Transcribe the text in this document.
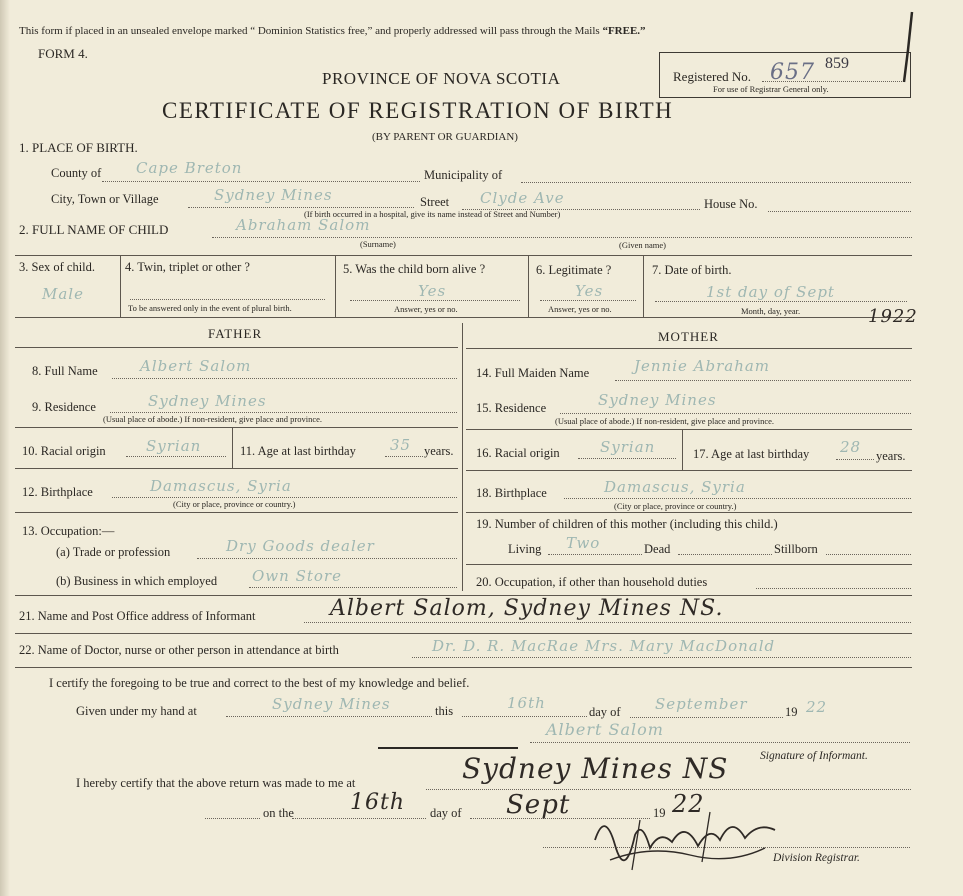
This form if placed in an unsealed envelope marked “ Dominion Statistics free,” and properly addressed will pass through the Mails “FREE.”
FORM 4.
PROVINCE OF NOVA SCOTIA
CERTIFICATE OF REGISTRATION OF BIRTH
(BY PARENT OR GUARDIAN)
Registered No. 657 859
For use of Registrar General only.
1. PLACE OF BIRTH.
County of Cape Breton	Municipality of
City, Town or Village	Sydney Mines	Street Clyde Ave	House No.
(If birth occurred in a hospital, give its name instead of Street and Number)
2. FULL NAME OF CHILD	Abraham Salom
(Surname)	(Given name)
3. Sex of child.
Male
4. Twin, triplet or other ?
To be answered only in the event of plural birth.
5. Was the child born alive ?
Yes
Answer, yes or no.
6. Legitimate ?
Yes
Answer, yes or no.
7. Date of birth.
1st day of Sept
Month, day, year.	1922
FATHER	MOTHER
8. Full Name	Albert Salom
9. Residence	Sydney Mines
(Usual place of abode.) If non-resident, give place and province.
10. Racial origin	Syrian	11. Age at last birthday 35 years.
12. Birthplace	Damascus, Syria
(City or place, province or country.)
13. Occupation:—
(a) Trade or profession	Dry Goods dealer
(b) Business in which employed Own Store
14. Full Maiden Name	Jennie Abraham
15. Residence	Sydney Mines
(Usual place of abode.) If non-resident, give place and province.
16. Racial origin	Syrian	17. Age at last birthday 28 years.
18. Birthplace	Damascus, Syria
(City or place, province or country.)
19. Number of children of this mother (including this child.)
Living Two	Dead	Stillborn
20. Occupation, if other than household duties
21. Name and Post Office address of Informant	Albert Salom, Sydney Mines NS.
22. Name of Doctor, nurse or other person in attendance at birth	Dr. D. R. MacRae Mrs. Mary MacDonald
I certify the foregoing to be true and correct to the best of my knowledge and belief.
Given under my hand at	Sydney Mines	this	16th	day of September	19 22
Albert Salom
Signature of Informant.
I hereby certify that the above return was made to me at	Sydney Mines NS
on the	16th day of Sept	19 22
Division Registrar.
